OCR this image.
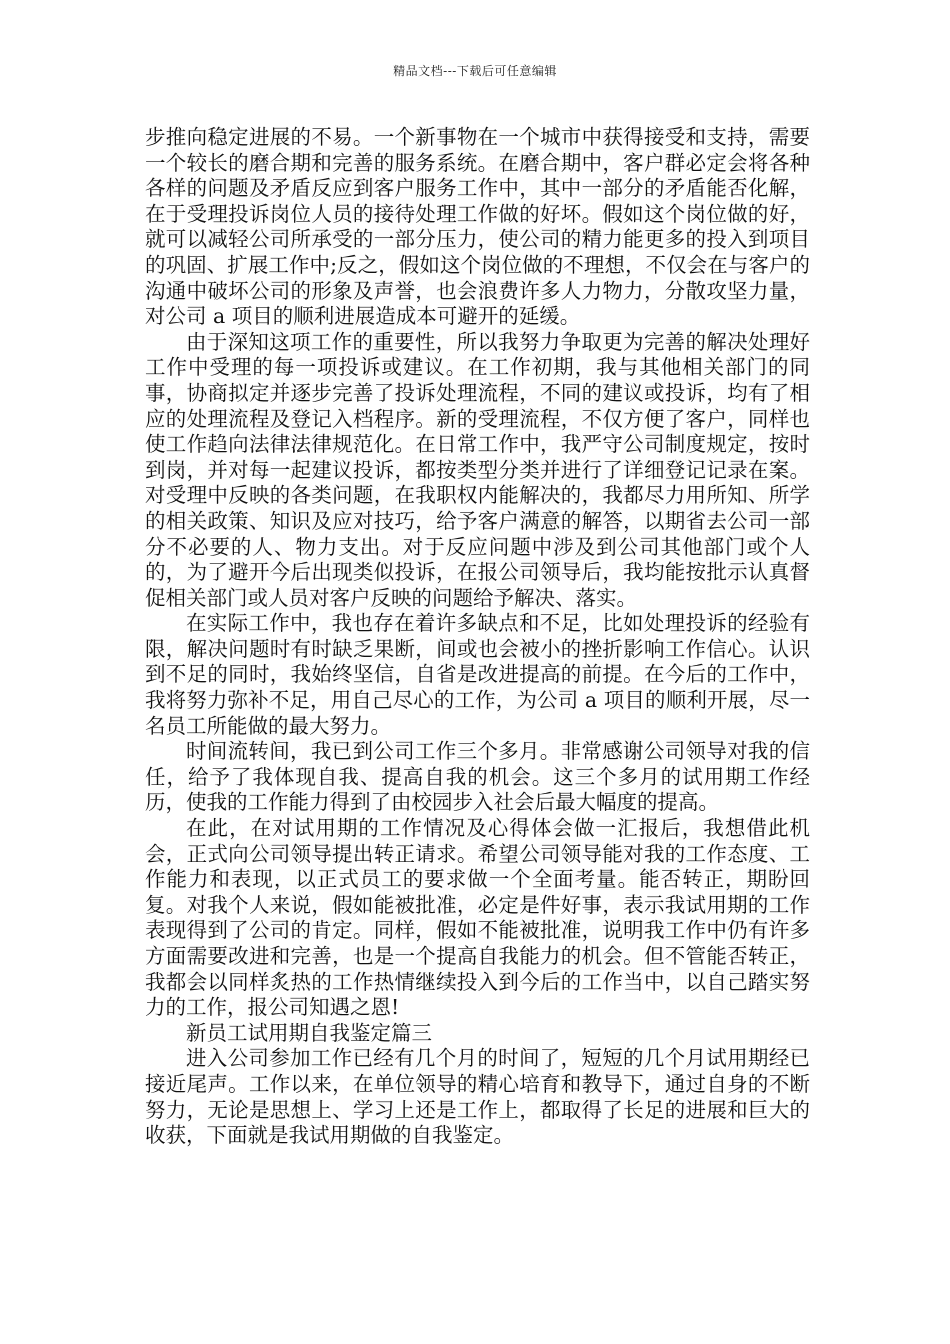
精品文档---下载后可任意编辑

步推向稳定进展的不易。一个新事物在一个城市中获得接受和支持，需要一个较长的磨合期和完善的服务系统。在磨合期中，客户群必定会将各种各样的问题及矛盾反应到客户服务工作中，其中一部分的矛盾能否化解，在于受理投诉岗位人员的接待处理工作做的好坏。假如这个岗位做的好，就可以减轻公司所承受的一部分压力，使公司的精力能更多的投入到项目的巩固、扩展工作中;反之，假如这个岗位做的不理想，不仅会在与客户的沟通中破坏公司的形象及声誉，也会浪费许多人力物力，分散攻坚力量，对公司 a 项目的顺利进展造成本可避开的延缓。

由于深知这项工作的重要性，所以我努力争取更为完善的解决处理好工作中受理的每一项投诉或建议。在工作初期，我与其他相关部门的同事，协商拟定并逐步完善了投诉处理流程，不同的建议或投诉，均有了相应的处理流程及登记入档程序。新的受理流程，不仅方便了客户，同样也使工作趋向法律法律规范化。在日常工作中，我严守公司制度规定，按时到岗，并对每一起建议投诉，都按类型分类并进行了详细登记记录在案。对受理中反映的各类问题，在我职权内能解决的，我都尽力用所知、所学的相关政策、知识及应对技巧，给予客户满意的解答，以期省去公司一部分不必要的人、物力支出。对于反应问题中涉及到公司其他部门或个人的，为了避开今后出现类似投诉，在报公司领导后，我均能按批示认真督促相关部门或人员对客户反映的问题给予解决、落实。

在实际工作中，我也存在着许多缺点和不足，比如处理投诉的经验有限，解决问题时有时缺乏果断，间或也会被小的挫折影响工作信心。认识到不足的同时，我始终坚信，自省是改进提高的前提。在今后的工作中，我将努力弥补不足，用自己尽心的工作，为公司 a 项目的顺利开展，尽一名员工所能做的最大努力。

时间流转间，我已到公司工作三个多月。非常感谢公司领导对我的信任，给予了我体现自我、提高自我的机会。这三个多月的试用期工作经历，使我的工作能力得到了由校园步入社会后最大幅度的提高。

在此，在对试用期的工作情况及心得体会做一汇报后，我想借此机会，正式向公司领导提出转正请求。希望公司领导能对我的工作态度、工作能力和表现，以正式员工的要求做一个全面考量。能否转正，期盼回复。对我个人来说，假如能被批准，必定是件好事，表示我试用期的工作表现得到了公司的肯定。同样，假如不能被批准，说明我工作中仍有许多方面需要改进和完善，也是一个提高自我能力的机会。但不管能否转正，我都会以同样炙热的工作热情继续投入到今后的工作当中，以自己踏实努力的工作，报公司知遇之恩!

新员工试用期自我鉴定篇三

进入公司参加工作已经有几个月的时间了，短短的几个月试用期经已接近尾声。工作以来，在单位领导的精心培育和教导下，通过自身的不断努力，无论是思想上、学习上还是工作上，都取得了长足的进展和巨大的收获，下面就是我试用期做的自我鉴定。
